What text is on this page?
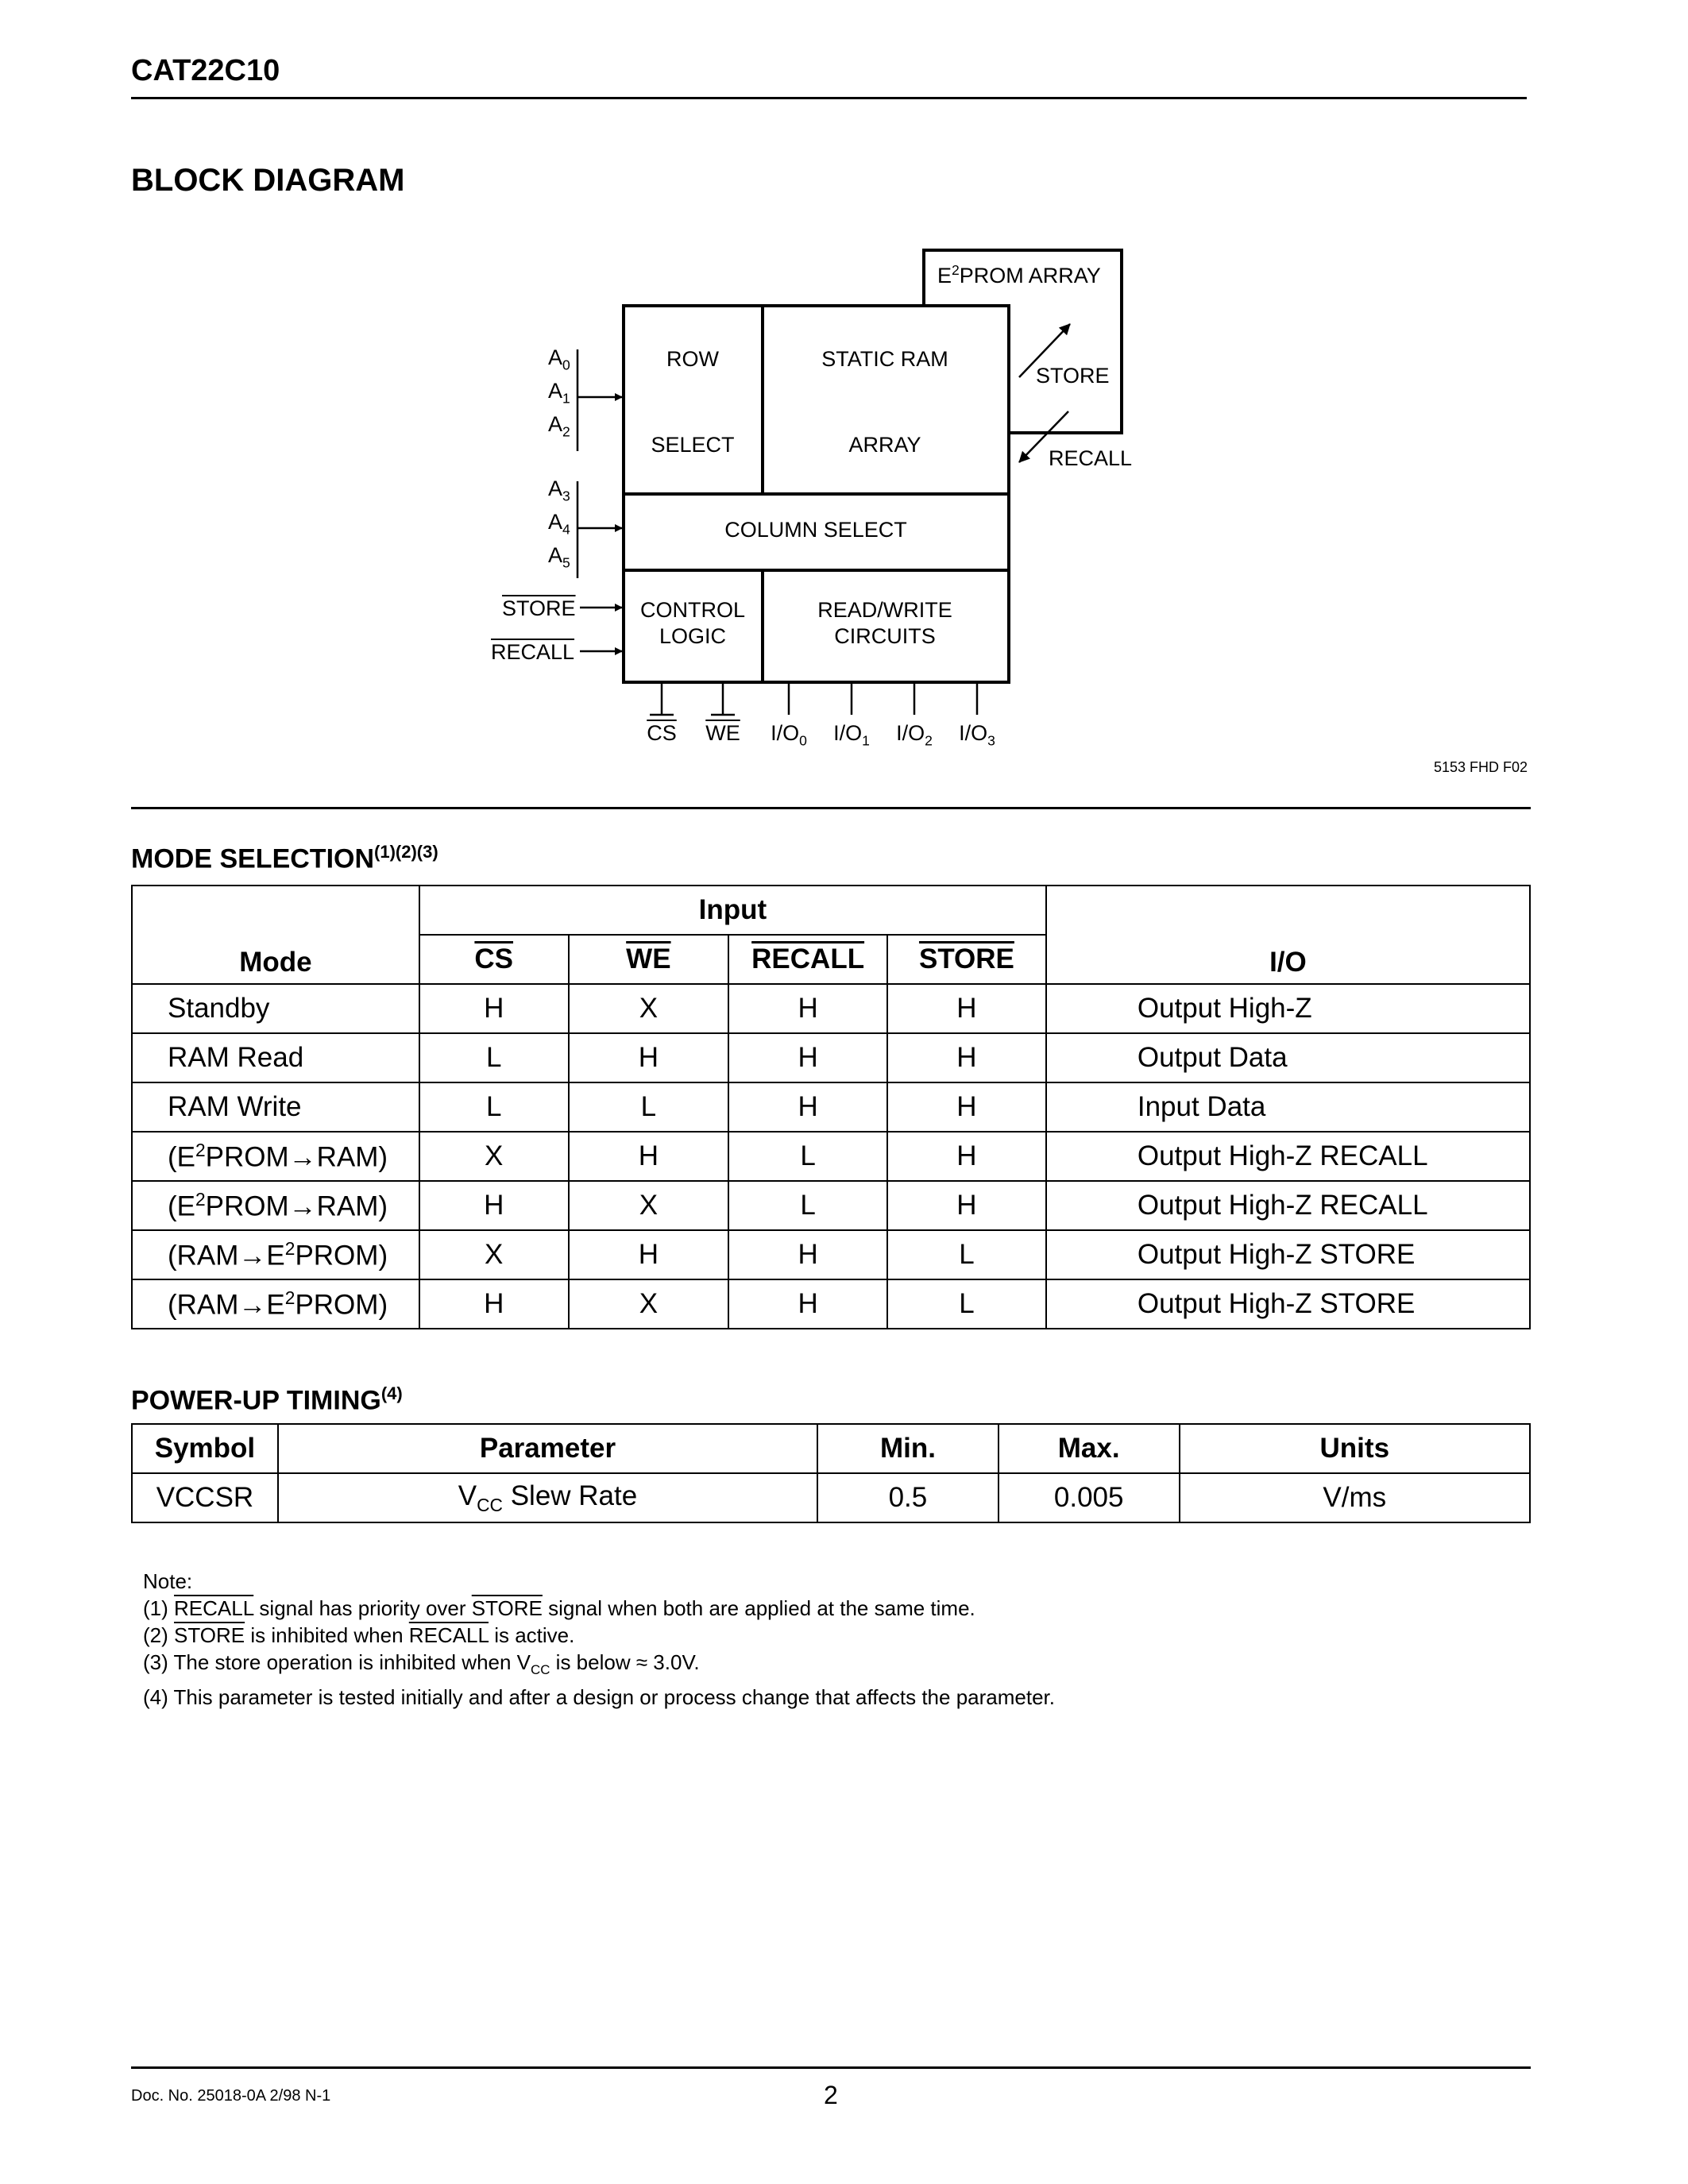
CAT22C10
BLOCK DIAGRAM
ROW
SELECT
STATIC RAM
ARRAY
$E^2PROM$ ARRAY
COLUMN SELECT
CONTROL
LOGIC
READ/WRITE
CIRCUITS
STORE
RECALL
$A_0$
$A_1$
$A_2$
$A_3$
$A_4$
$A_5$
STORE
RECALL
$\overline{CS}$ $\overline{WE}$ $I/O_0$ $I/O_1$ $I/O_2$ $I/O_3$
5153 FHD F02
MODE $SELECTION^{(1)(2)(3)}$
Mode	Input				I/O
	$\overline{CS}$	$\overline{WE}$	RECALL	STORE	
Standby	H	X	H	H	Output High-Z
RAM Read	L	H	H	H	Output Data
RAM Write	L	L	H	H	Input Data
$(E^2PROM\to RAM)$	X	H	L	H	Output High-Z RECALL
$(E^2PROM\to RAM)$	H	X	L	H	Output High-Z RECALL
$(RAM\to E^2PROM)$	X	H	H	L	Output High-Z STORE
$(RAM\to E^2PROM)$	H	X	H	L	Output High-Z STORE
POWER-UP TIMING$^{(4)}$
Symbol	Parameter	Min.	Max.	Units
VCCSR	$V_{CC}$ Slew Rate	0.5	0.005	V/ms
Note:
(1) RECALL signal has priority over STORE signal when both are applied at the same time.
(2) STORE is inhibited when RECALL is active.
(3) The store operation is inhibited when $V_{CC}$ is below ≈ 3.0V.
(4) This parameter is tested initially and after a design or process change that affects the parameter.
Doc. No. 25018-0A 2/98 N-1	2
